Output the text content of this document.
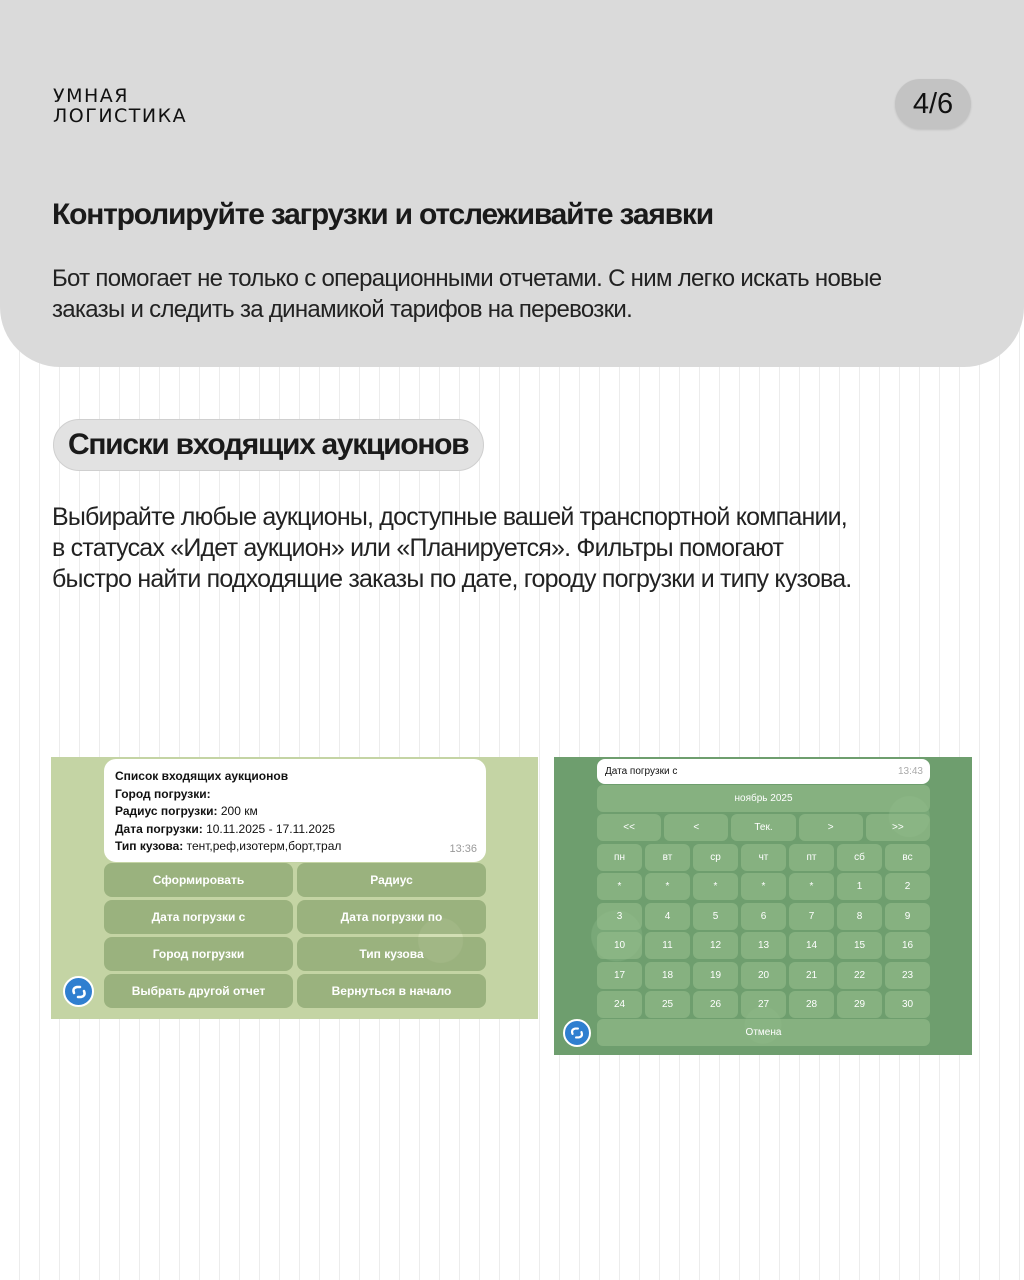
УМНАЯ
ЛОГИСТИКА	4/6
Контролируйте загрузки и отслеживайте заявки
Бот помогает не только с операционными отчетами. С ним легко искать новые заказы и следить за динамикой тарифов на перевозки.
Списки входящих аукционов
Выбирайте любые аукционы, доступные вашей транспортной компании, в статусах «Идет аукцион» или «Планируется». Фильтры помогают быстро найти подходящие заказы по дате, городу погрузки и типу кузова.
Список входящих аукционов
Город погрузки:
Радиус погрузки: 200 км
Дата погрузки: 10.11.2025 - 17.11.2025
Тип кузова: тент,реф,изотерм,борт,трал	13:36
Сформировать	Радиус
Дата погрузки с	Дата погрузки по
Город погрузки	Тип кузова
Выбрать другой отчет	Вернуться в начало
Дата погрузки с	13:43
ноябрь 2025
<<	<	Тек.	>	>>
пн	вт	ср	чт	пт	сб	вс
*	*	*	*	*	1	2
3	4	5	6	7	8	9
10	11	12	13	14	15	16
17	18	19	20	21	22	23
24	25	26	27	28	29	30
Отмена
